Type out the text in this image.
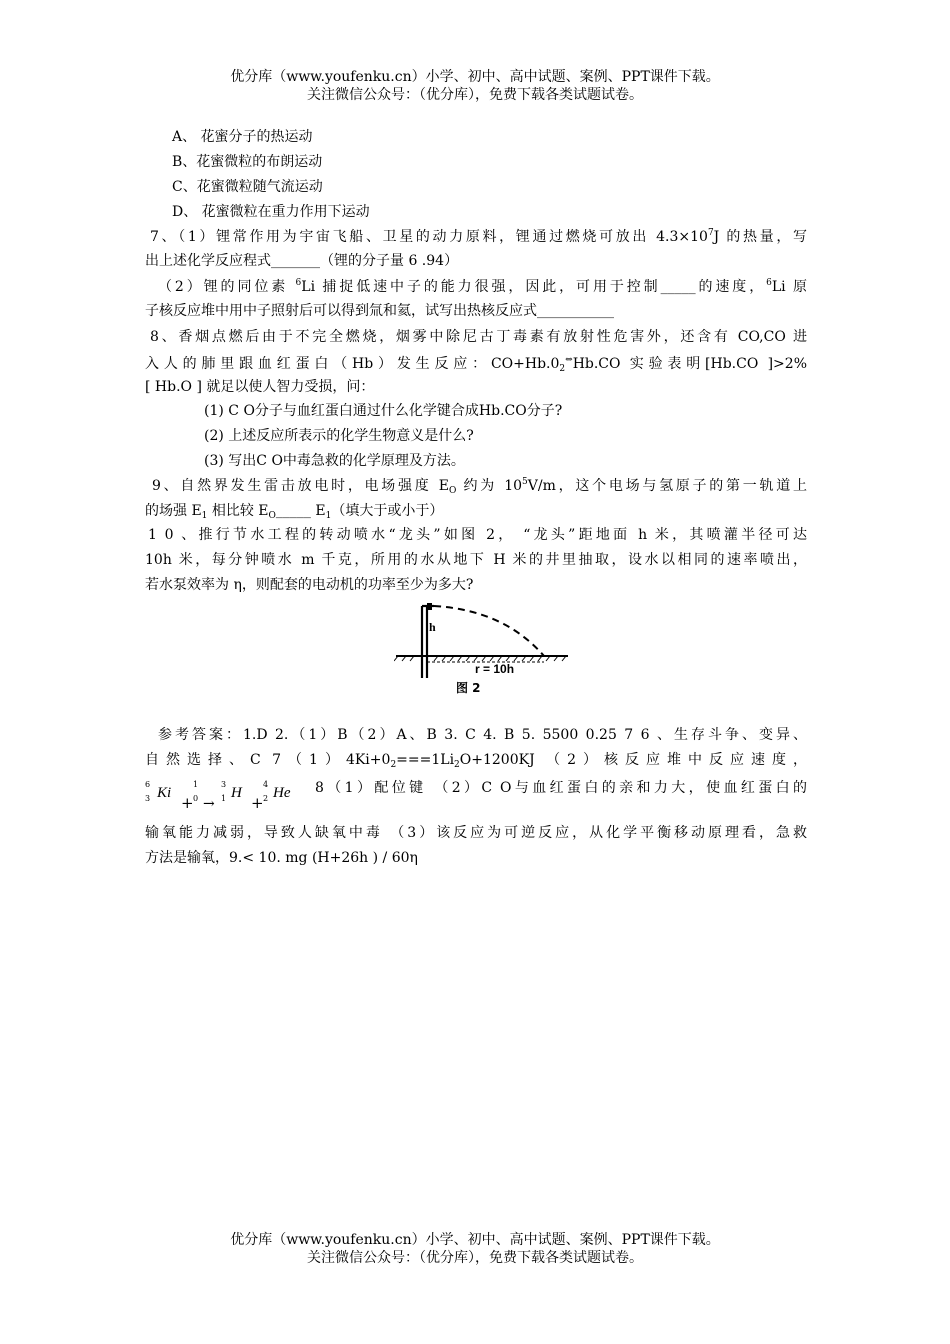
优分库（www.youfenku.cn）小学、初中、高中试题、案例、PPT课件下载。
关注微信公众号：（优分库），免费下载各类试题试卷。
A、 花蜜分子的热运动
B、花蜜微粒的布朗运动
C、花蜜微粒随气流运动
D、 花蜜微粒在重力作用下运动
7、（1）锂常作用为宇宙飞船、卫星的动力原料，锂通过燃烧可放出 $4.3\times 10^7J$ 的热量，写
出上述化学反应程式_______（锂的分子量 6 .94）
（2）锂的同位素 $^6$Li 捕捉低速中子的能力很强，因此，可用于控制_____的速度，$^6$Li 原
子核反应堆中用中子照射后可以得到氚和氦，试写出热核反应式___________
8、香烟点燃后由于不完全燃烧，烟雾中除尼古丁毒素有放射性危害外，还含有 CO,CO 进
入人的肺里跟血红蛋白（Hb）发生反应：$CO+Hb.0_2^\Leftrightarrow Hb.CO$ 实验表明[Hb.CO ]>2%
[ Hb.O ] 就足以使人智力受损，问：
(1) C O分子与血红蛋白通过什么化学键合成Hb.CO分子?
(2) 上述反应所表示的化学生物意义是什么?
(3) 写出C O中毒急救的化学原理及方法。
9、自然界发生雷击放电时，电场强度 $E_O$ 约为 $10^5V/m$，这个电场与氢原子的第一轨道上
的场强 $E_1$ 相比较 $E_O\_\_\_\_\_$ $E_1$（填大于或小于）
1 0 、推行节水工程的转动喷水“龙头”如图 2， “龙头”距地面 h 米，其喷灌半径可达
10h 米，每分钟喷水 m 千克，所用的水从地下 H 米的井里抽取，设水以相同的速率喷出，
若水泵效率为 η，则配套的电动机的功率至少为多大?
h
r = 10h
图 2
参考答案：1.D 2.（1）B（2）A、B 3. C 4. B 5. 5500 0.25 7 6 、生存斗争、变异、
自然选择、C $7(1)4Ki+0_2===1Li_2O+1200KJ$ （2）核反应堆中反应速度，
6
3 Ki
+
1
0 →
3
1 H
+
4
2 He 8（1）配位键 （2）C O与血红蛋白的亲和力大，使血红蛋白的
输氧能力减弱，导致人缺氧中毒 （3）该反应为可逆反应，从化学平衡移动原理看，急救
方法是输氧，9.< 10. mg (H+26h ) / 60η
优分库（www.youfenku.cn）小学、初中、高中试题、案例、PPT课件下载。
关注微信公众号：（优分库），免费下载各类试题试卷。
